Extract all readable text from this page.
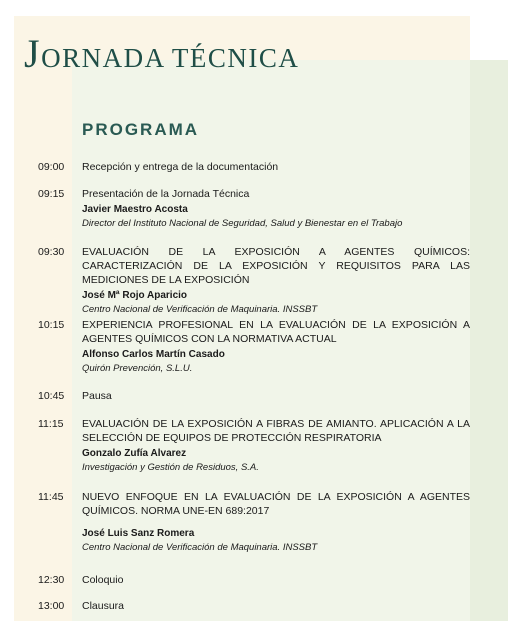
JORNADA TÉCNICA
PROGRAMA
09:00 Recepción y entrega de la documentación
09:15 Presentación de la Jornada Técnica
Javier Maestro Acosta
Director del Instituto Nacional de Seguridad, Salud y Bienestar en el Trabajo
09:30 EVALUACIÓN DE LA EXPOSICIÓN A AGENTES QUÍMICOS: CARACTERIZACIÓN DE LA EXPOSICIÓN Y REQUISITOS PARA LAS MEDICIONES DE LA EXPOSICIÓN
José Mª Rojo Aparicio
Centro Nacional de Verificación de Maquinaria. INSSBT
10:15 EXPERIENCIA PROFESIONAL EN LA EVALUACIÓN DE LA EXPOSICIÓN A AGENTES QUÍMICOS CON LA NORMATIVA ACTUAL
Alfonso Carlos Martín Casado
Quirón Prevención, S.L.U.
10:45 Pausa
11:15 EVALUACIÓN DE LA EXPOSICIÓN A FIBRAS DE AMIANTO. APLICACIÓN A LA SELECCIÓN DE EQUIPOS DE PROTECCIÓN RESPIRATORIA
Gonzalo Zufía Alvarez
Investigación y Gestión de Residuos, S.A.
11:45 NUEVO ENFOQUE EN LA EVALUACIÓN DE LA EXPOSICIÓN A AGENTES QUÍMICOS. NORMA UNE-EN 689:2017
José Luis Sanz Romera
Centro Nacional de Verificación de Maquinaria. INSSBT
12:30 Coloquio
13:00 Clausura
